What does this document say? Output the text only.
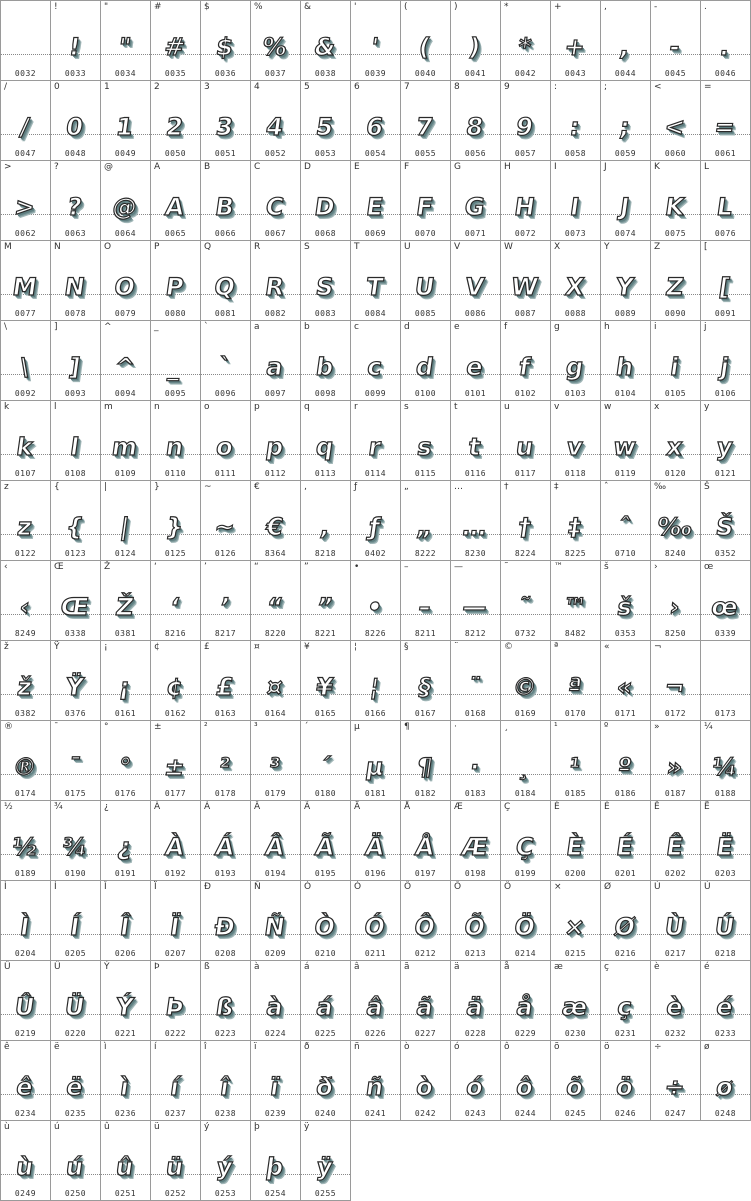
0032
!
!
0033
"
"
0034
#
#
0035
$
$
0036
%
%
0037
&
&
0038
'
'
0039
(
(
0040
)
)
0041
*
*
0042
+
+
0043
,
,
0044
-
-
0045
.
.
0046
/
/
0047
0
0
0048
1
1
0049
2
2
0050
3
3
0051
4
4
0052
5
5
0053
6
6
0054
7
7
0055
8
8
0056
9
9
0057
:
:
0058
;
;
0059
<
<
0060
=
=
0061
>
>
0062
?
?
0063
@
@
0064
A
A
0065
B
B
0066
C
C
0067
D
D
0068
E
E
0069
F
F
0070
G
G
0071
H
H
0072
I
I
0073
J
J
0074
K
K
0075
L
L
0076
M
M
0077
N
N
0078
O
O
0079
P
P
0080
Q
Q
0081
R
R
0082
S
S
0083
T
T
0084
U
U
0085
V
V
0086
W
W
0087
X
X
0088
Y
Y
0089
Z
Z
0090
[
[
0091
\
\
0092
]
]
0093
^
^
0094
_
_
0095
`
`
0096
a
a
0097
b
b
0098
c
c
0099
d
d
0100
e
e
0101
f
f
0102
g
g
0103
h
h
0104
i
i
0105
j
j
0106
k
k
0107
l
l
0108
m
m
0109
n
n
0110
o
o
0111
p
p
0112
q
q
0113
r
r
0114
s
s
0115
t
t
0116
u
u
0117
v
v
0118
w
w
0119
x
x
0120
y
y
0121
z
z
0122
{
{
0123
|
|
0124
}
}
0125
~
~
0126
€
€
8364
‚
‚
8218
ƒ
ƒ
0402
„
„
8222
…
…
8230
†
†
8224
‡
‡
8225
ˆ
ˆ
0710
‰
‰
8240
Š
Š
0352
‹
‹
8249
Œ
Œ
0338
Ž
Ž
0381
‘
‘
8216
’
’
8217
“
“
8220
”
”
8221
•
•
8226
–
–
8211
—
—
8212
˜
˜
0732
™
™
8482
š
š
0353
›
›
8250
œ
œ
0339
ž
ž
0382
Ÿ
Ÿ
0376
¡
¡
0161
¢
¢
0162
£
£
0163
¤
¤
0164
¥
¥
0165
¦
¦
0166
§
§
0167
¨
¨
0168
©
©
0169
ª
ª
0170
«
«
0171
¬
¬
0172	0173
®
®
0174
¯
¯
0175
°
°
0176
±
±
0177
²
²
0178
³
³
0179
´
´
0180
µ
µ
0181
¶
¶
0182
·
·
0183
¸
¸
0184
¹
¹
0185
º
º
0186
»
»
0187
¼
¼
0188
½
½
0189
¾
¾
0190
¿
¿
0191
À
À
0192
Á
Á
0193
Â
Â
0194
Ã
Ã
0195
Ä
Ä
0196
Å
Å
0197
Æ
Æ
0198
Ç
Ç
0199
È
È
0200
É
É
0201
Ê
Ê
0202
Ë
Ë
0203
Ì
Ì
0204
Í
Í
0205
Î
Î
0206
Ï
Ï
0207
Ð
Ð
0208
Ñ
Ñ
0209
Ò
Ò
0210
Ó
Ó
0211
Ô
Ô
0212
Õ
Õ
0213
Ö
Ö
0214
×
×
0215
Ø
Ø
0216
Ù
Ù
0217
Ú
Ú
0218
Û
Û
0219
Ü
Ü
0220
Ý
Ý
0221
Þ
Þ
0222
ß
ß
0223
à
à
0224
á
á
0225
â
â
0226
ã
ã
0227
ä
ä
0228
å
å
0229
æ
æ
0230
ç
ç
0231
è
è
0232
é
é
0233
ê
ê
0234
ë
ë
0235
ì
ì
0236
í
í
0237
î
î
0238
ï
ï
0239
ð
ð
0240
ñ
ñ
0241
ò
ò
0242
ó
ó
0243
ô
ô
0244
õ
õ
0245
ö
ö
0246
÷
÷
0247
ø
ø
0248
ù
ù
0249
ú
ú
0250
û
û
0251
ü
ü
0252
ý
ý
0253
þ
þ
0254
ÿ
ÿ
0255
